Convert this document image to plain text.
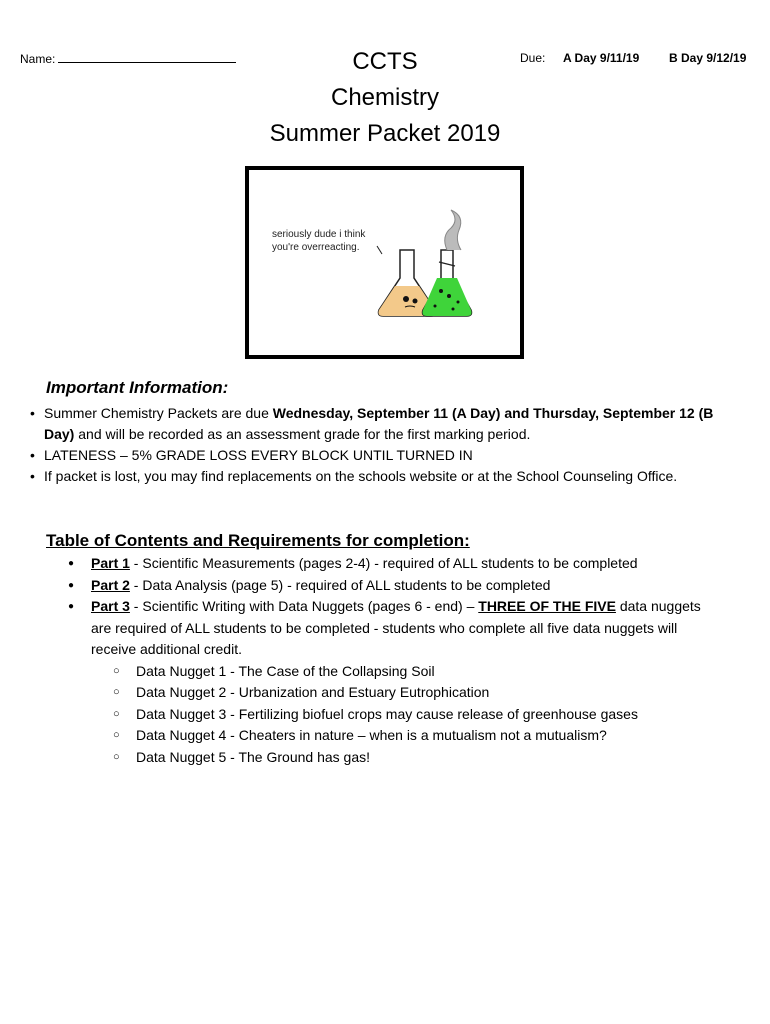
Name:	Due: A Day 9/11/19 B Day 9/12/19
CCTS
Chemistry
Summer Packet 2019
seriously dude i think
you're overreacting.
Important Information:
• Summer Chemistry Packets are due Wednesday, September 11 (A Day) and Thursday, September 12 (B Day) and will be recorded as an assessment grade for the first marking period.
• LATENESS – 5% GRADE LOSS EVERY BLOCK UNTIL TURNED IN
• If packet is lost, you may find replacements on the schools website or at the School Counseling Office.
Table of Contents and Requirements for completion:
● Part 1 - Scientific Measurements (pages 2-4) - required of ALL students to be completed
● Part 2 - Data Analysis (page 5) - required of ALL students to be completed
● Part 3 - Scientific Writing with Data Nuggets (pages 6 - end) – THREE OF THE FIVE data nuggets are required of ALL students to be completed - students who complete all five data nuggets will receive additional credit.
○ Data Nugget 1 - The Case of the Collapsing Soil
○ Data Nugget 2 - Urbanization and Estuary Eutrophication
○ Data Nugget 3 - Fertilizing biofuel crops may cause release of greenhouse gases
○ Data Nugget 4 - Cheaters in nature – when is a mutualism not a mutualism?
○ Data Nugget 5 - The Ground has gas!
